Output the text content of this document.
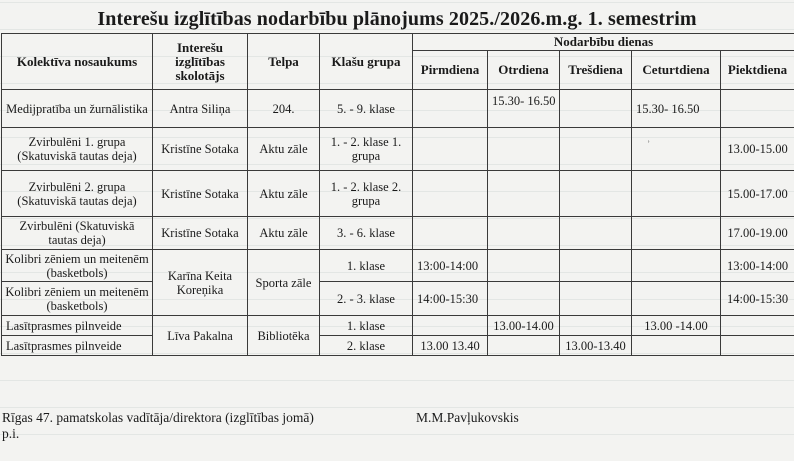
Interešu izglītības nodarbību plānojums 2025./2026.m.g. 1. semestrim
Kolektīva nosaukums	Interešu izglītības skolotājs	Telpa	Klašu grupa	Nodarbību dienas				
				Pirmdiena	Otrdiena	Trešdiena	Ceturtdiena	Piektdiena
Medijpratība un žurnālistika	Antra Siliņa	204.	5. - 9. klase		15.30- 16.50		15.30- 16.50	
Zvirbulēni 1. grupa (Skatuviskā tautas deja)	Kristīne Sotaka	Aktu zāle	1. - 2. klase 1. grupa					13.00-15.00
Zvirbulēni 2. grupa (Skatuviskā tautas deja)	Kristīne Sotaka	Aktu zāle	1. - 2. klase 2. grupa					15.00-17.00
Zvirbulēni (Skatuviskā tautas deja)	Kristīne Sotaka	Aktu zāle	3. - 6. klase					17.00-19.00
Kolibri zēniem un meitenēm (basketbols)	Karīna Keita Koreņika	Sporta zāle	1. klase	13:00-14:00				13:00-14:00
Kolibri zēniem un meitenēm (basketbols)			2. - 3. klase	14:00-15:30				14:00-15:30
Lasītprasmes pilnveide	Līva Pakalna	Bibliotēka	1. klase		13.00-14.00		13.00 -14.00	
Lasītprasmes pilnveide			2. klase	13.00 13.40		13.00-13.40		
˒
Rīgas 47. pamatskolas vadītāja/direktora (izglītības jomā) p.i.
M.M.Pavļukovskis
